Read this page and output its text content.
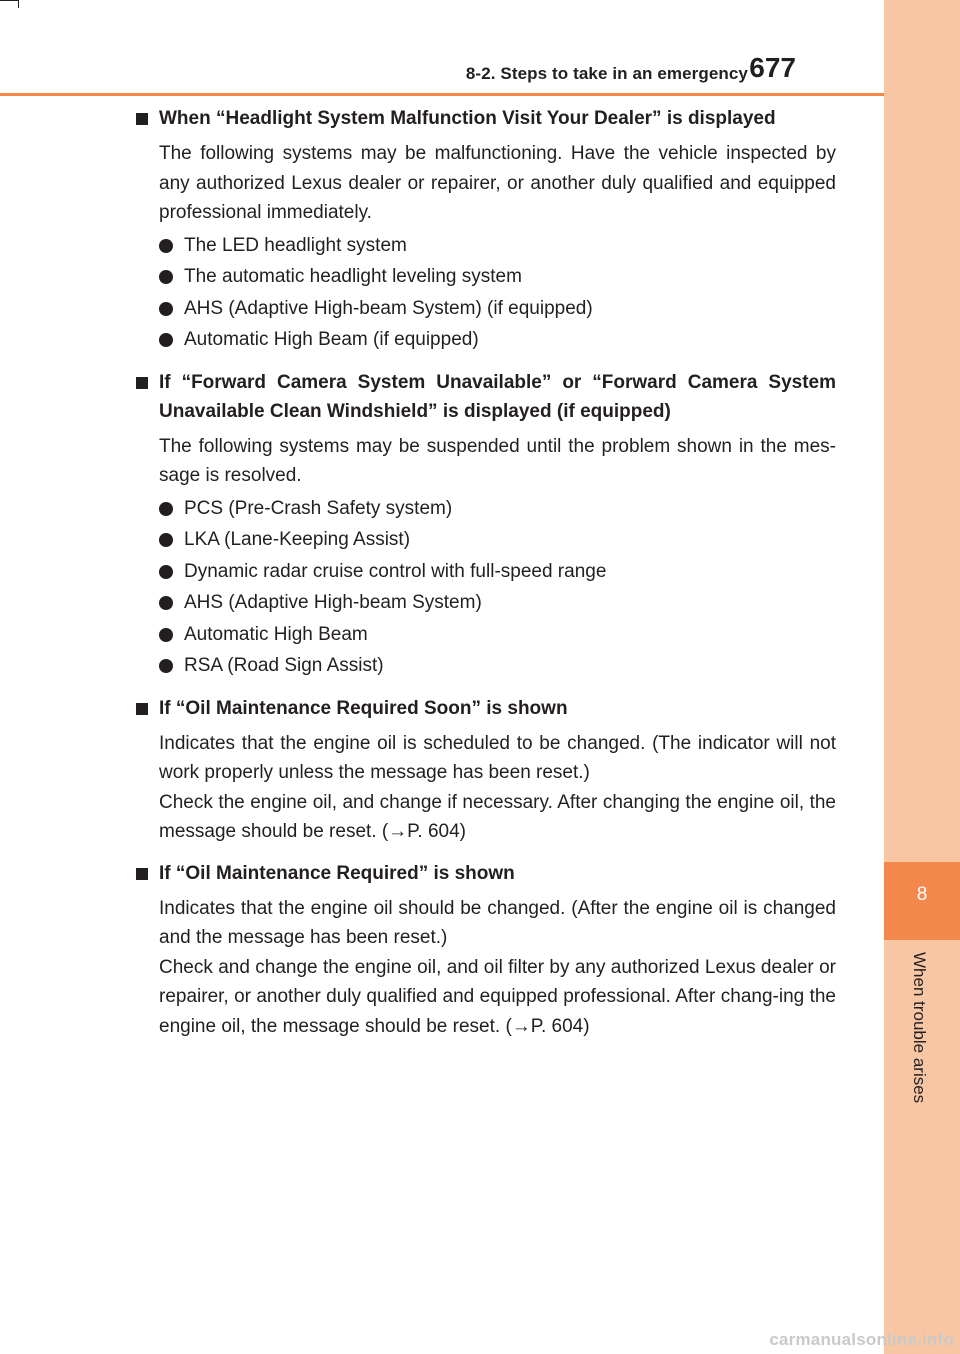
8-2. Steps to take in an emergency 677
8
When trouble arises
When “Headlight System Malfunction Visit Your Dealer” is displayed
The following systems may be malfunctioning. Have the vehicle inspected by any authorized Lexus dealer or repairer, or another duly qualified and equipped professional immediately.
The LED headlight system
The automatic headlight leveling system
AHS (Adaptive High-beam System) (if equipped)
Automatic High Beam (if equipped)
If “Forward Camera System Unavailable” or “Forward Camera System Unavailable Clean Windshield” is displayed (if equipped)
The following systems may be suspended until the problem shown in the mes-sage is resolved.
PCS (Pre-Crash Safety system)
LKA (Lane-Keeping Assist)
Dynamic radar cruise control with full-speed range
AHS (Adaptive High-beam System)
Automatic High Beam
RSA (Road Sign Assist)
If “Oil Maintenance Required Soon” is shown
Indicates that the engine oil is scheduled to be changed. (The indicator will not work properly unless the message has been reset.)
Check the engine oil, and change if necessary. After changing the engine oil, the message should be reset. (→P. 604)
If “Oil Maintenance Required” is shown
Indicates that the engine oil should be changed. (After the engine oil is changed and the message has been reset.)
Check and change the engine oil, and oil filter by any authorized Lexus dealer or repairer, or another duly qualified and equipped professional. After chang-ing the engine oil, the message should be reset. (→P. 604)
carmanualsonline.info
